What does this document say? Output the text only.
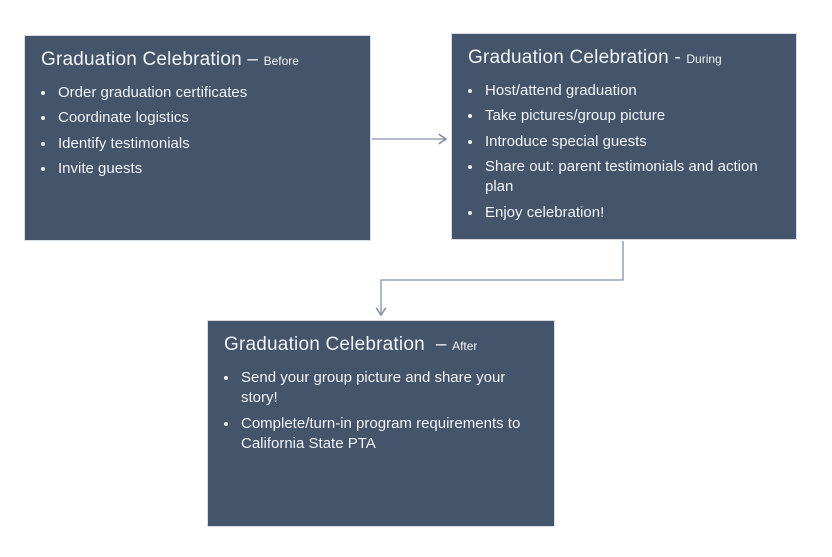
Graduation Celebration – Before
• Order graduation certificates
• Coordinate logistics
• Identify testimonials
• Invite guests
Graduation Celebration - During
• Host/attend graduation
• Take pictures/group picture
• Introduce special guests
• Share out: parent testimonials and action plan
• Enjoy celebration!
Graduation Celebration  – After
• Send your group picture and share your story!
• Complete/turn-in program requirements to California State PTA
